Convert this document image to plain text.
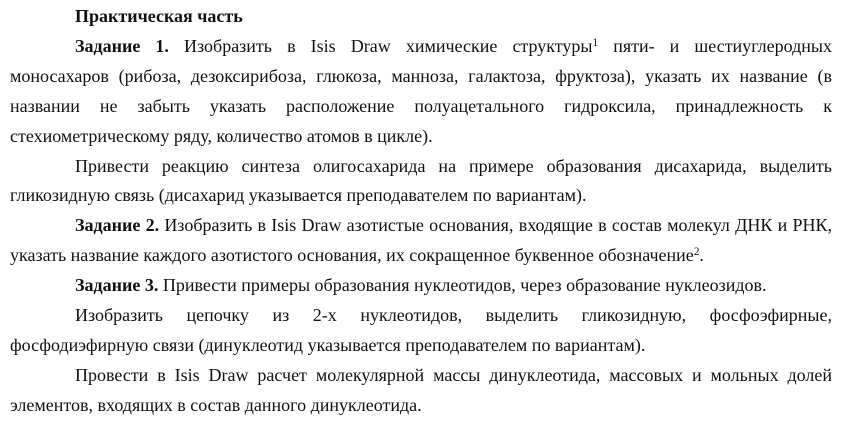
Практическая часть
Задание 1. Изобразить в Isis Draw химические структуры$^1$ пяти- и шестиуглеродных
моносахаров (рибоза, дезоксирибоза, глюкоза, манноза, галактоза, фруктоза), указать их название (в
названии не забыть указать расположение полуацетального гидроксила, принадлежность к
стехиометрическому ряду, количество атомов в цикле).
Привести реакцию синтеза олигосахарида на примере образования дисахарида, выделить
гликозидную связь (дисахарид указывается преподавателем по вариантам).
Задание 2. Изобразить в Isis Draw азотистые основания, входящие в состав молекул ДНК и РНК,
указать название каждого азотистого основания, их сокращенное буквенное обозначение$^2$.
Задание 3. Привести примеры образования нуклеотидов, через образование нуклеозидов.
Изобразить цепочку из 2-х нуклеотидов, выделить гликозидную, фосфоэфирные,
фосфодиэфирную связи (динуклеотид указывается преподавателем по вариантам).
Провести в Isis Draw расчет молекулярной массы динуклеотида, массовых и мольных долей
элементов, входящих в состав данного динуклеотида.
